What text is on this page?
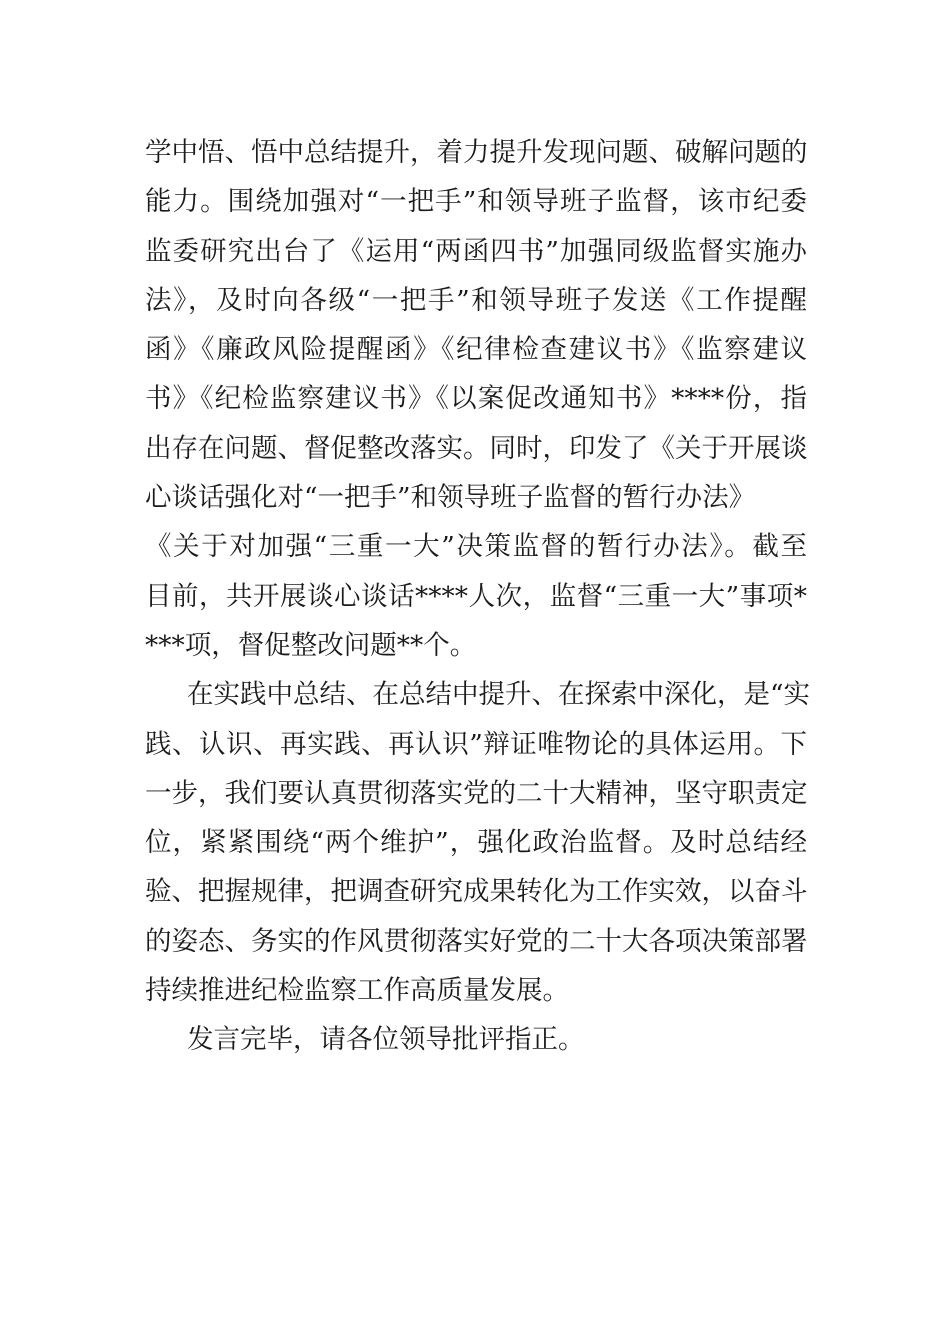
学中悟、悟中总结提升，着力提升发现问题、破解问题的
能力。围绕加强对“一把手”和领导班子监督，该市纪委
监委研究出台了《运用“两函四书”加强同级监督实施办
法》，及时向各级“一把手”和领导班子发送《工作提醒
函》《廉政风险提醒函》《纪律检查建议书》《监察建议
书》《纪检监察建议书》《以案促改通知书》****份，指
出存在问题、督促整改落实。同时，印发了《关于开展谈
心谈话强化对“一把手”和领导班子监督的暂行办法》
《关于对加强“三重一大”决策监督的暂行办法》。截至
目前，共开展谈心谈话****人次，监督“三重一大”事项*
***项，督促整改问题**个。
在实践中总结、在总结中提升、在探索中深化，是“实
践、认识、再实践、再认识”辩证唯物论的具体运用。下
一步，我们要认真贯彻落实党的二十大精神，坚守职责定
位，紧紧围绕“两个维护”，强化政治监督。及时总结经
验、把握规律，把调查研究成果转化为工作实效，以奋斗
的姿态、务实的作风贯彻落实好党的二十大各项决策部署
持续推进纪检监察工作高质量发展。
发言完毕，请各位领导批评指正。
